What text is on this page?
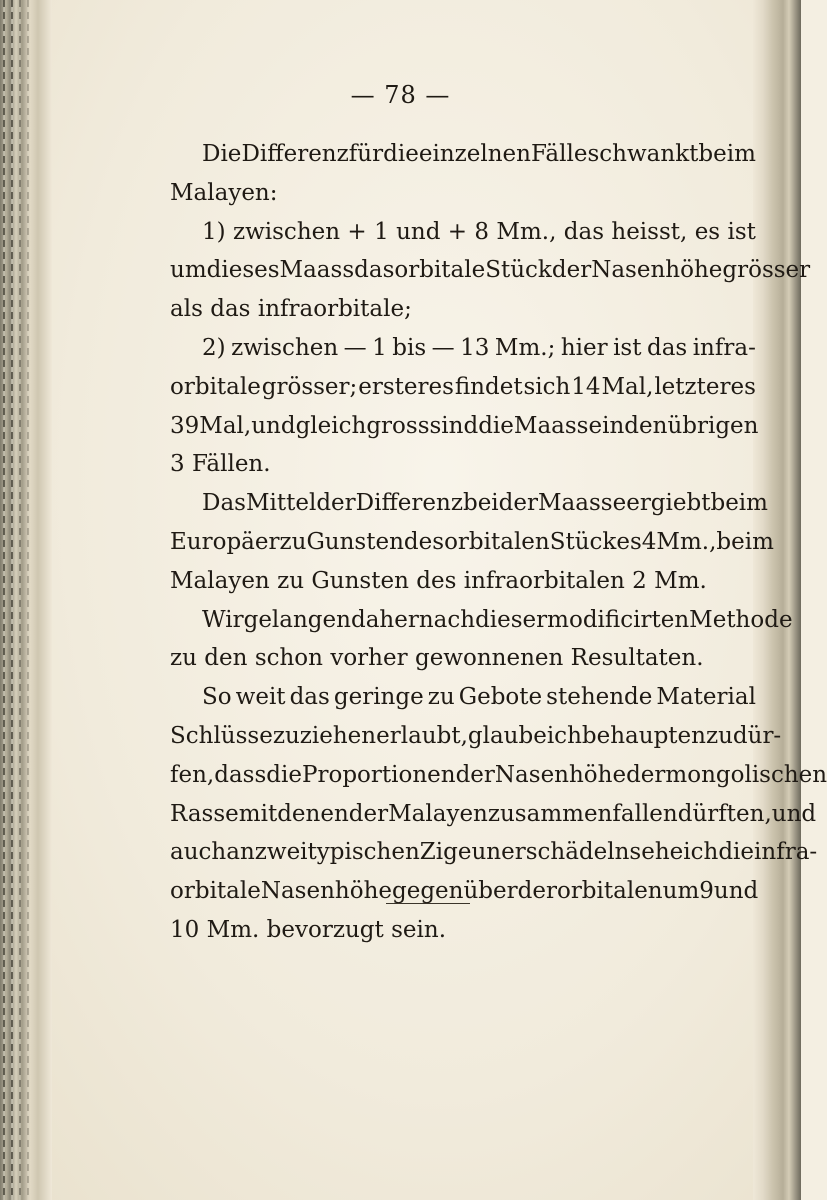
— 78 —
Die Differenz für die einzelnen Fälle schwankt beim
Malayen:
1) zwischen + 1 und + 8 Mm., das heisst, es ist
um dieses Maass das orbitale Stück der Nasenhöhe grösser
als das infraorbitale;
2) zwischen — 1 bis — 13 Mm.; hier ist das infra-
orbitale grösser; ersteres findet sich 14 Mal, letzteres
39 Mal, und gleich gross sind die Maasse in den übrigen
3 Fällen.
Das Mittel der Differenz beider Maasse ergiebt beim
Europäer zu Gunsten des orbitalen Stückes 4 Mm., beim
Malayen zu Gunsten des infraorbitalen 2 Mm.
Wir gelangen daher nach dieser modificirten Methode
zu den schon vorher gewonnenen Resultaten.
So weit das geringe zu Gebote stehende Material
Schlüsse zu ziehen erlaubt, glaube ich behaupten zu dür-
fen, dass die Proportionen der Nasenhöhe der mongolischen
Rasse mit denen der Malayen zusammenfallen dürften, und
auch an zwei typischen Zigeunerschädeln sehe ich die infra-
orbitale Nasenhöhe gegenüber der orbitalen um 9 und
10 Mm. bevorzugt sein.
